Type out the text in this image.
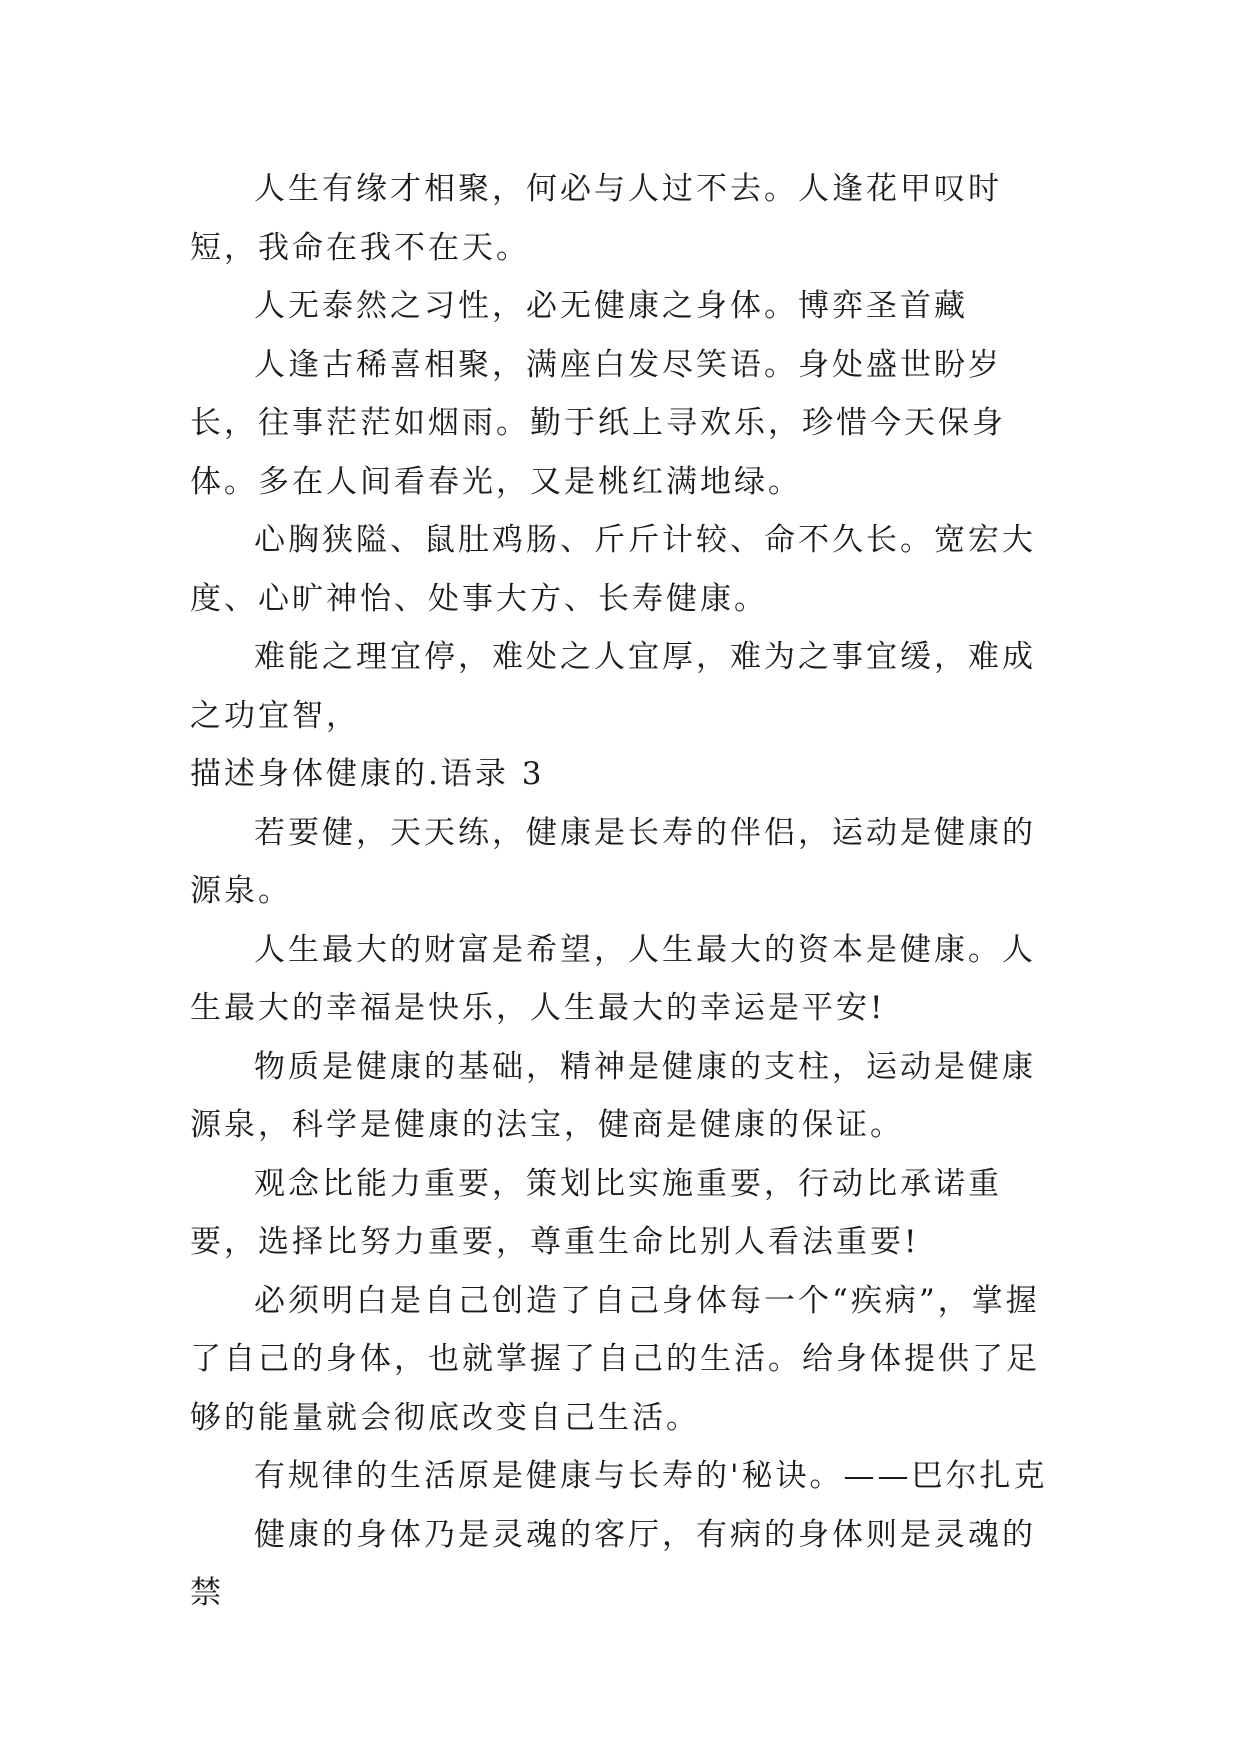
人生有缘才相聚，何必与人过不去。人逢花甲叹时短，我命在我不在天。

人无泰然之习性，必无健康之身体。博弈圣首藏

人逢古稀喜相聚，满座白发尽笑语。身处盛世盼岁长，往事茫茫如烟雨。勤于纸上寻欢乐，珍惜今天保身体。多在人间看春光，又是桃红满地绿。

心胸狭隘、鼠肚鸡肠、斤斤计较、命不久长。宽宏大度、心旷神怡、处事大方、长寿健康。

难能之理宜停，难处之人宜厚，难为之事宜缓，难成之功宜智，

描述身体健康的.语录 3

若要健，天天练，健康是长寿的伴侣，运动是健康的源泉。

人生最大的财富是希望，人生最大的资本是健康。人生最大的幸福是快乐，人生最大的幸运是平安!

物质是健康的基础，精神是健康的支柱，运动是健康源泉，科学是健康的法宝，健商是健康的保证。

观念比能力重要，策划比实施重要，行动比承诺重要，选择比努力重要，尊重生命比别人看法重要!

必须明白是自己创造了自己身体每一个“疾病”，掌握了自己的身体，也就掌握了自己的生活。给身体提供了足够的能量就会彻底改变自己生活。

有规律的生活原是健康与长寿的'秘诀。——巴尔扎克

健康的身体乃是灵魂的客厅，有病的身体则是灵魂的禁
